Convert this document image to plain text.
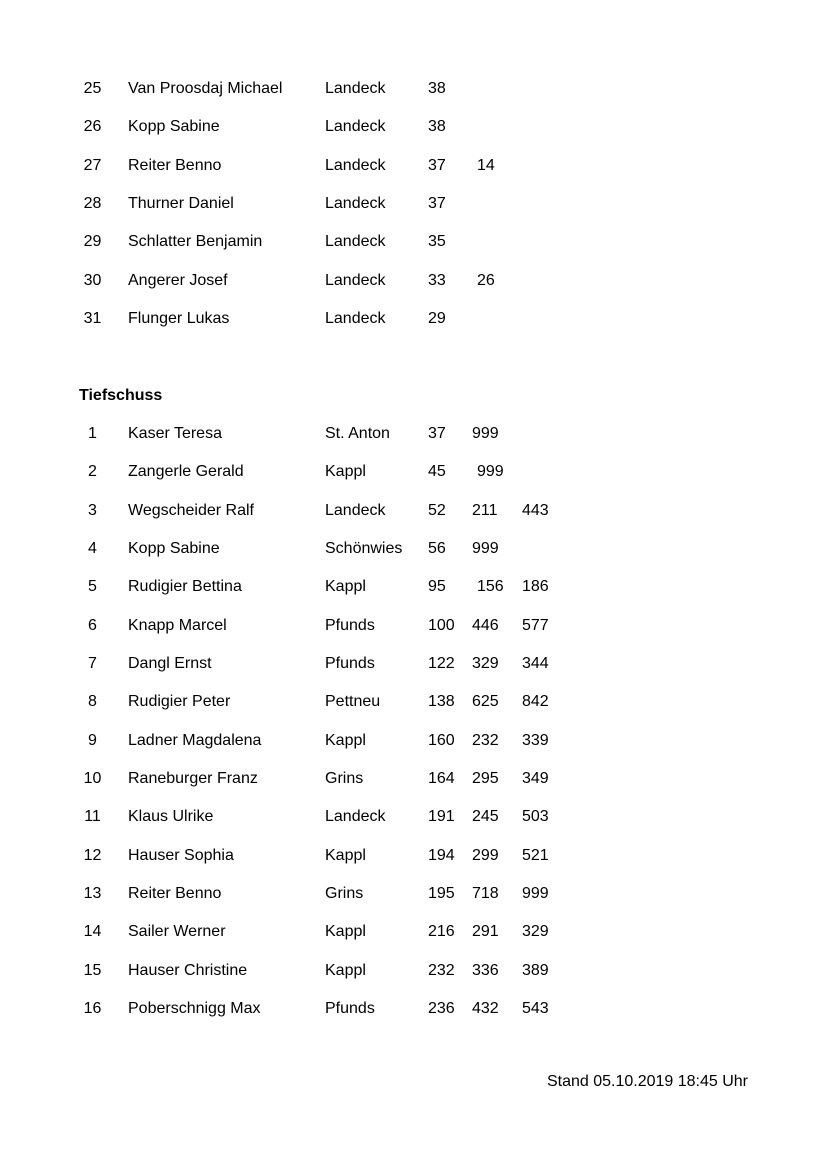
25	Van Proosdaj Michael	Landeck	38
26	Kopp Sabine	Landeck	38
27	Reiter Benno	Landeck	37 14
28	Thurner Daniel	Landeck	37
29	Schlatter Benjamin	Landeck	35
30	Angerer Josef	Landeck	33 26
31	Flunger Lukas	Landeck	29
Tiefschuss
1	Kaser Teresa	St. Anton 37 999
2	Zangerle Gerald	Kappl	45 999
3	Wegscheider Ralf	Landeck	52 211 443
4	Kopp Sabine	Schönwies 56 999
5	Rudigier Bettina	Kappl	95 156 186
6	Knapp Marcel	Pfunds	100 446 577
7	Dangl Ernst	Pfunds	122 329 344
8	Rudigier Peter	Pettneu	138 625 842
9	Ladner Magdalena	Kappl	160 232 339
10	Raneburger Franz	Grins	164 295 349
11	Klaus Ulrike	Landeck	191 245 503
12	Hauser Sophia	Kappl	194 299 521
13	Reiter Benno	Grins	195 718 999
14	Sailer Werner	Kappl	216 291 329
15	Hauser Christine	Kappl	232 336 389
16	Poberschnigg Max	Pfunds	236 432 543
Stand 05.10.2019 18:45 Uhr
